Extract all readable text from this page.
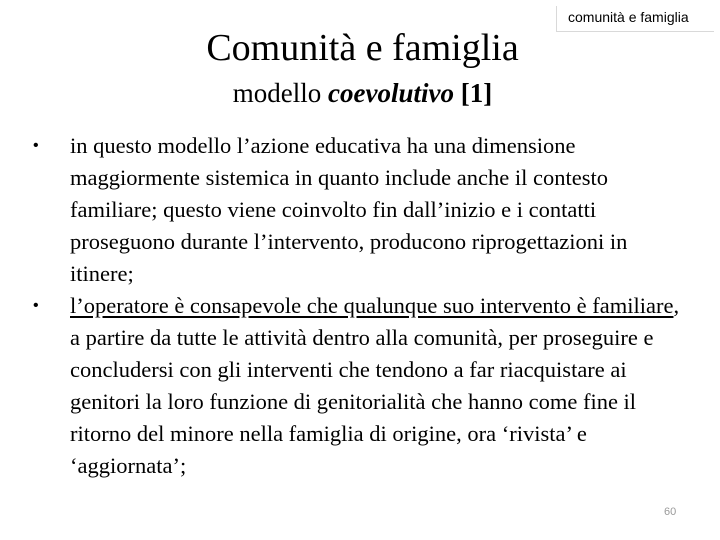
comunità e famiglia
Comunità e famiglia
modello coevolutivo [1]
• in questo modello l’azione educativa ha una dimensione maggiormente sistemica in quanto include anche il contesto familiare; questo viene coinvolto fin dall’inizio e i contatti proseguono durante l’intervento, producono riprogettazioni in itinere;
• l’operatore è consapevole che qualunque suo intervento è familiare, a partire da tutte le attività dentro alla comunità, per proseguire e concludersi con gli interventi che tendono a far riacquistare ai genitori la loro funzione di genitorialità che hanno come fine il ritorno del minore nella famiglia di origine, ora ‘rivista’ e ‘aggiornata’;
60
